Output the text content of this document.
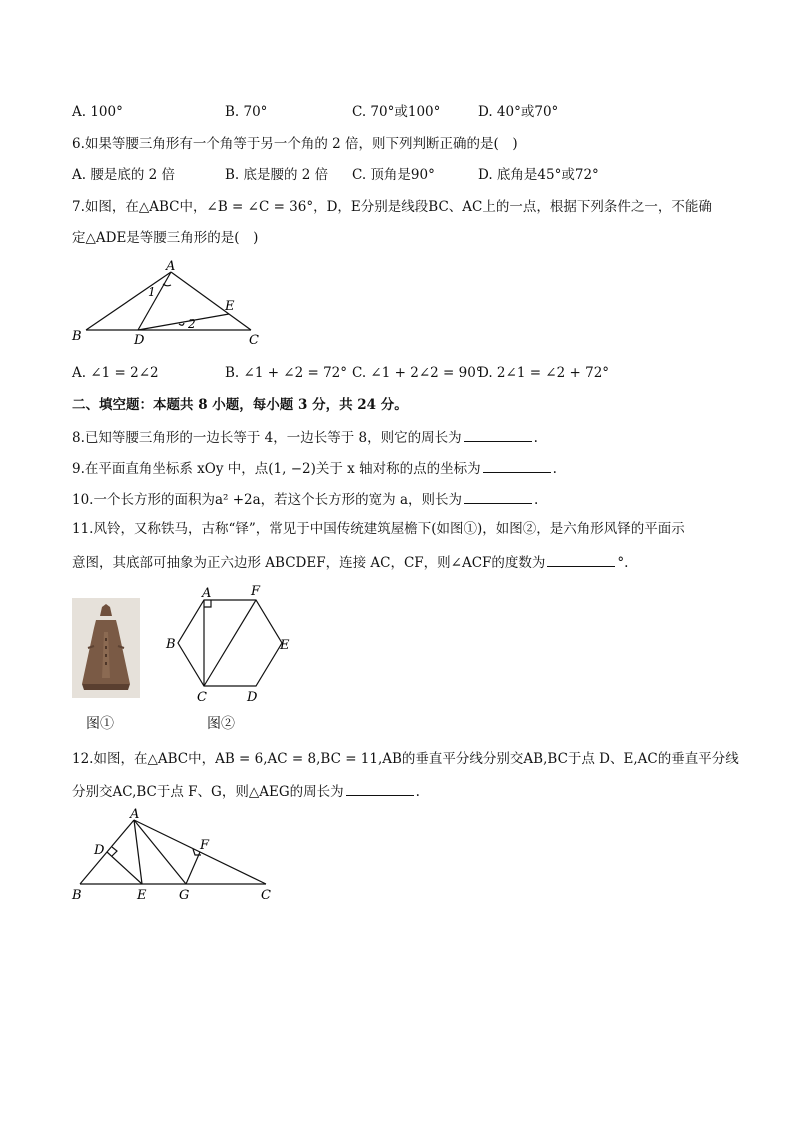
A. 100°	B. 70°	C. 70°或100°	D. 40°或70°
6.如果等腰三角形有一个角等于另一个角的 2 倍，则下列判断正确的是(　)
A. 腰是底的 2 倍	B. 底是腰的 2 倍 C. 顶角是90°	D. 底角是45°或72°
7.如图，在△ABC中，∠B = ∠C = 36°，D，E分别是线段BC、AC上的一点，根据下列条件之一，不能确
定△ADE是等腰三角形的是(　)
A
B	C
D
E
1
2
A. ∠1 = 2∠2	B. ∠1 + ∠2 = 72° C. ∠1 + 2∠2 = 90°
D. 2∠1 = ∠2 + 72°
二、填空题：本题共 8 小题，每小题 3 分，共 24 分。
8.已知等腰三角形的一边长等于 4，一边长等于 8，则它的周长为	.
9.在平面直角坐标系 xOy 中，点(1, −2)关于 x 轴对称的点的坐标为	.
10.一个长方形的面积为a² +2a，若这个长方形的宽为 a，则长为	.
11.风铃，又称铁马，古称“铎”，常见于中国传统建筑屋檐下(如图①)，如图②，是六角形风铎的平面示
意图，其底部可抽象为正六边形 ABCDEF，连接 AC，CF，则∠ACF的度数为	°.
图①
A
B
C	D
E
F
图②
12.如图，在△ABC中，AB = 6,AC = 8,BC = 11,AB的垂直平分线分别交AB,BC于点 D、E,AC的垂直平分线
分别交AC,BC于点 F、G，则△AEG的周长为	.
A
B	C
D
E
F
G
